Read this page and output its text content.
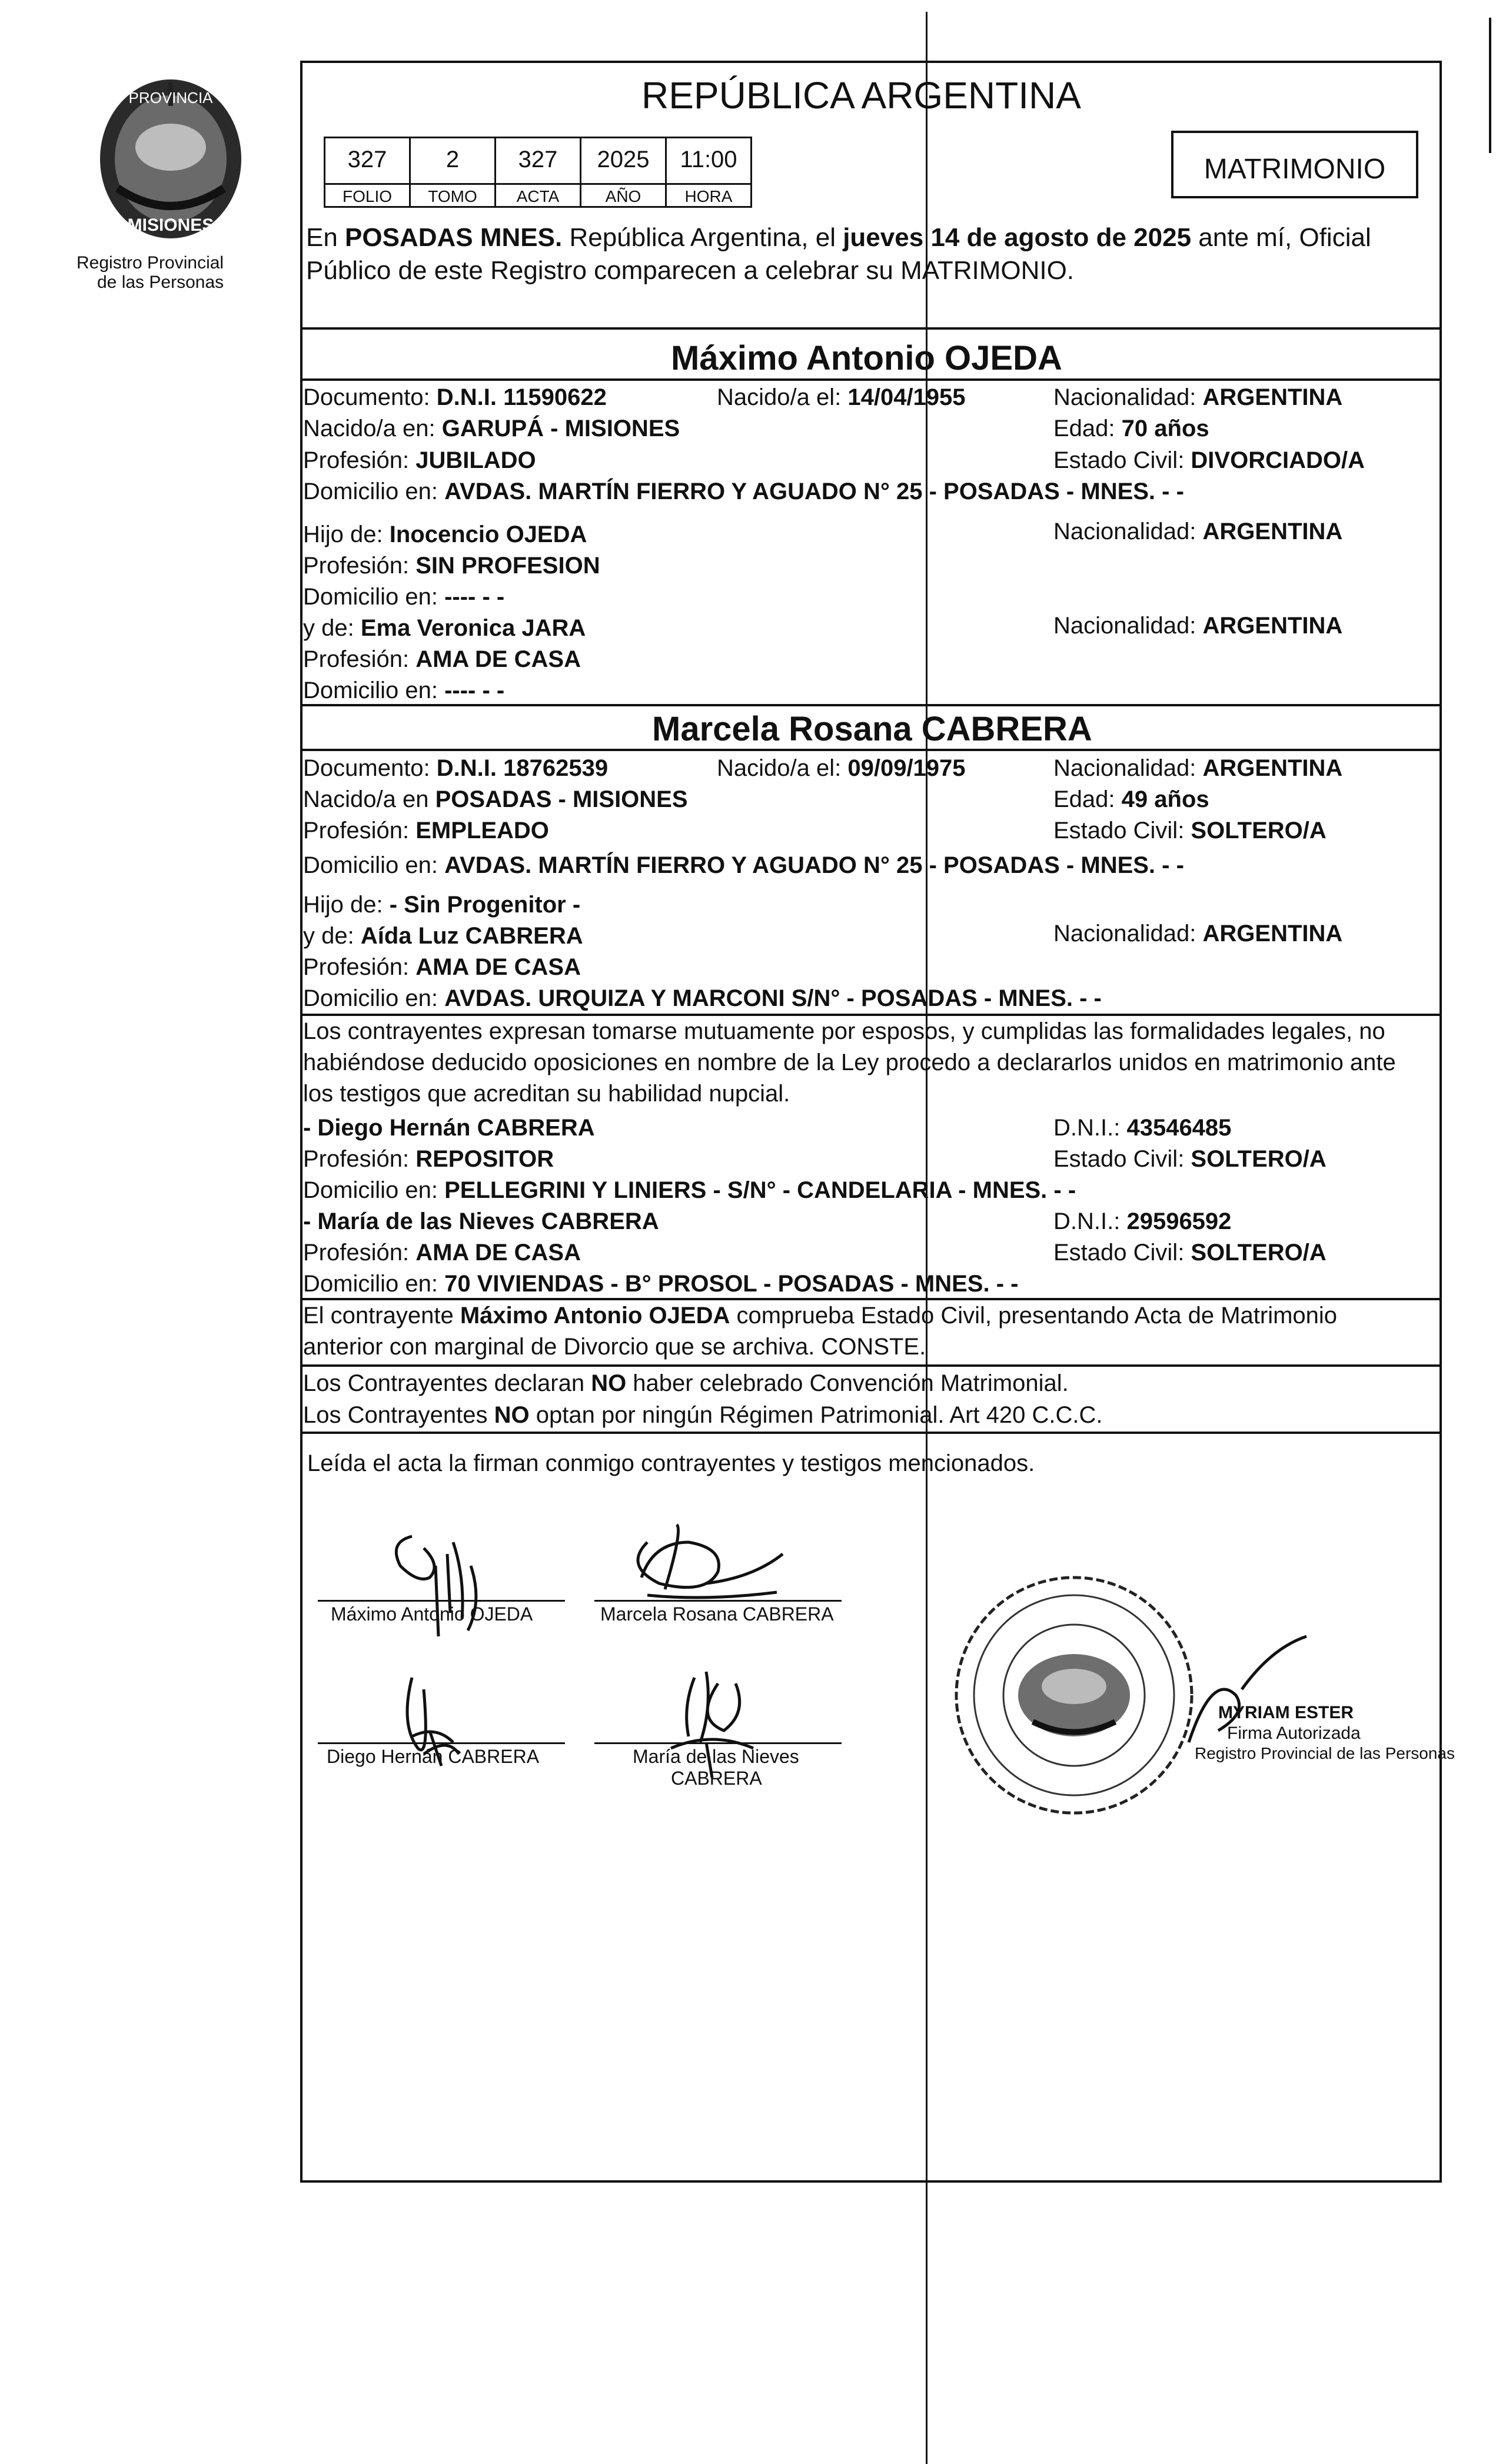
PROVINCIA
MISIONES
Registro Provincial
de las Personas
REPÚBLICA ARGENTINA
327	2	327	2025	11:00
FOLIO	TOMO	ACTA	AÑO	HORA
MATRIMONIO
En POSADAS MNES. República Argentina, el jueves 14 de agosto de 2025 ante mí, Oficial
Público de este Registro comparecen a celebrar su MATRIMONIO.
Máximo Antonio OJEDA
Documento: D.N.I. 11590622	Nacido/a el: 14/04/1955	Nacionalidad: ARGENTINA
Nacido/a en: GARUPÁ - MISIONES	Edad: 70 años
Profesión: JUBILADO	Estado Civil: DIVORCIADO/A
Domicilio en: AVDAS. MARTÍN FIERRO Y AGUADO N° 25 - POSADAS - MNES. - -
Hijo de: Inocencio OJEDA	Nacionalidad: ARGENTINA
Profesión: SIN PROFESION
Domicilio en: ---- - -
y de: Ema Veronica JARA	Nacionalidad: ARGENTINA
Profesión: AMA DE CASA
Domicilio en: ---- - -
Marcela Rosana CABRERA
Documento: D.N.I. 18762539	Nacido/a el: 09/09/1975	Nacionalidad: ARGENTINA
Nacido/a en POSADAS - MISIONES	Edad: 49 años
Profesión: EMPLEADO	Estado Civil: SOLTERO/A
Domicilio en: AVDAS. MARTÍN FIERRO Y AGUADO N° 25 - POSADAS - MNES. - -
Hijo de: - Sin Progenitor -
y de: Aída Luz CABRERA	Nacionalidad: ARGENTINA
Profesión: AMA DE CASA
Domicilio en: AVDAS. URQUIZA Y MARCONI S/N° - POSADAS - MNES. - -
Los contrayentes expresan tomarse mutuamente por esposos, y cumplidas las formalidades legales, no
habiéndose deducido oposiciones en nombre de la Ley procedo a declararlos unidos en matrimonio ante
los testigos que acreditan su habilidad nupcial.
- Diego Hernán CABRERA	D.N.I.: 43546485
Profesión: REPOSITOR	Estado Civil: SOLTERO/A
Domicilio en: PELLEGRINI Y LINIERS - S/N° - CANDELARIA - MNES. - -
- María de las Nieves CABRERA	D.N.I.: 29596592
Profesión: AMA DE CASA	Estado Civil: SOLTERO/A
Domicilio en: 70 VIVIENDAS - B° PROSOL - POSADAS - MNES. - -
El contrayente Máximo Antonio OJEDA comprueba Estado Civil, presentando Acta de Matrimonio
anterior con marginal de Divorcio que se archiva. CONSTE.
Los Contrayentes declaran NO haber celebrado Convención Matrimonial.
Los Contrayentes NO optan por ningún Régimen Patrimonial. Art 420 C.C.C.
Leída el acta la firman conmigo contrayentes y testigos mencionados.
Máximo Antonio OJEDA	Marcela Rosana CABRERA
Diego Hernán CABRERA	María de las Nieves
CABRERA
MYRIAM ESTER
Firma Autorizada
Registro Provincial de las Personas
